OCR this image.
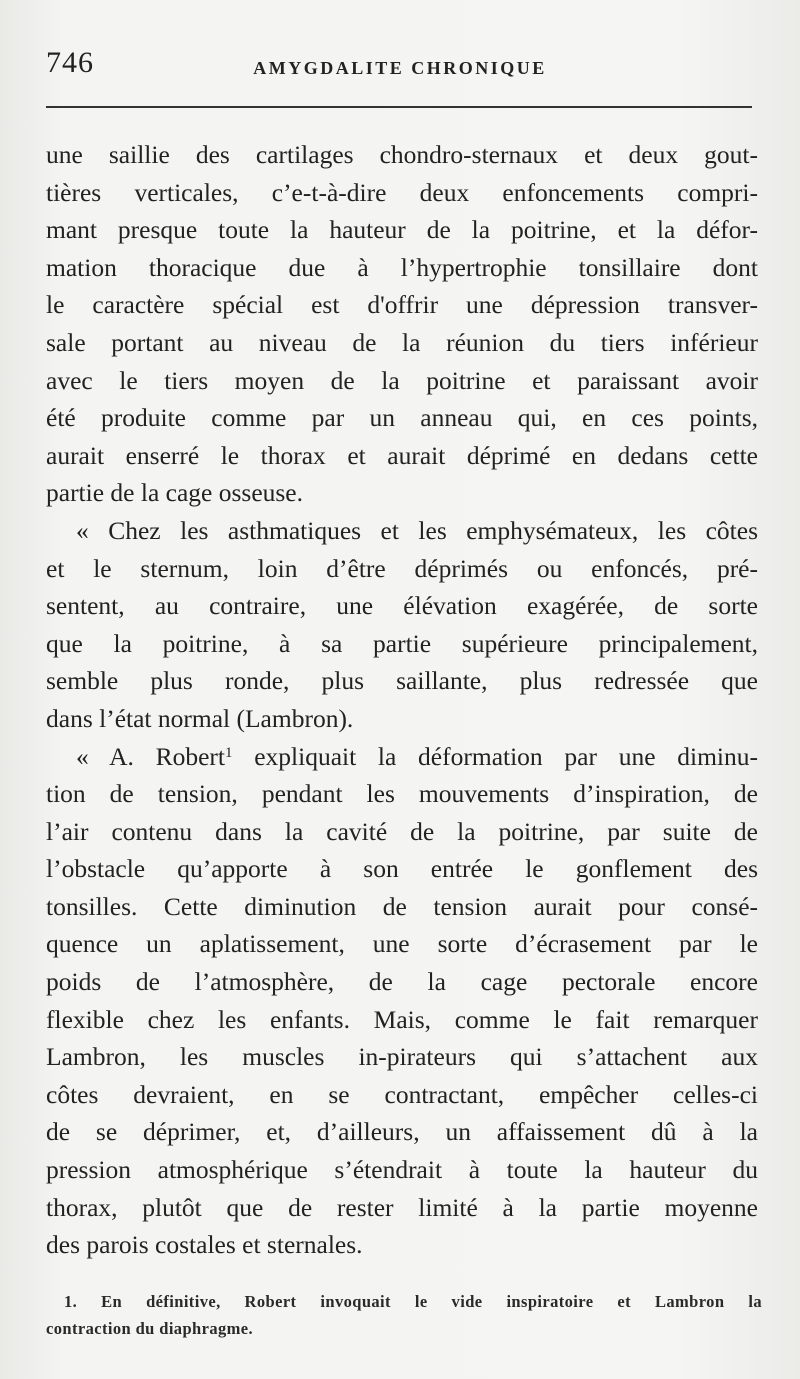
746	AMYGDALITE CHRONIQUE
une saillie des cartilages chondro-sternaux et deux gout-
tières verticales, c’e-t-à-dire deux enfoncements compri-
mant presque toute la hauteur de la poitrine, et la défor-
mation thoracique due à l’hypertrophie tonsillaire dont
le caractère spécial est d'offrir une dépression transver-
sale portant au niveau de la réunion du tiers inférieur
avec le tiers moyen de la poitrine et paraissant avoir
été produite comme par un anneau qui, en ces points,
aurait enserré le thorax et aurait déprimé en dedans cette
partie de la cage osseuse.
« Chez les asthmatiques et les emphysémateux, les côtes
et le sternum, loin d’être déprimés ou enfoncés, pré-
sentent, au contraire, une élévation exagérée, de sorte
que la poitrine, à sa partie supérieure principalement,
semble plus ronde, plus saillante, plus redressée que
dans l’état normal (Lambron).
« A. Robert$^1$ expliquait la déformation par une diminu-
tion de tension, pendant les mouvements d’inspiration, de
l’air contenu dans la cavité de la poitrine, par suite de
l’obstacle qu’apporte à son entrée le gonflement des
tonsilles. Cette diminution de tension aurait pour consé-
quence un aplatissement, une sorte d’écrasement par le
poids de l’atmosphère, de la cage pectorale encore
flexible chez les enfants. Mais, comme le fait remarquer
Lambron, les muscles in-pirateurs qui s’attachent aux
côtes devraient, en se contractant, empêcher celles-ci
de se déprimer, et, d’ailleurs, un affaissement dû à la
pression atmosphérique s’étendrait à toute la hauteur du
thorax, plutôt que de rester limité à la partie moyenne
des parois costales et sternales.
1. En définitive, Robert invoquait le vide inspiratoire et Lambron la
contraction du diaphragme.
